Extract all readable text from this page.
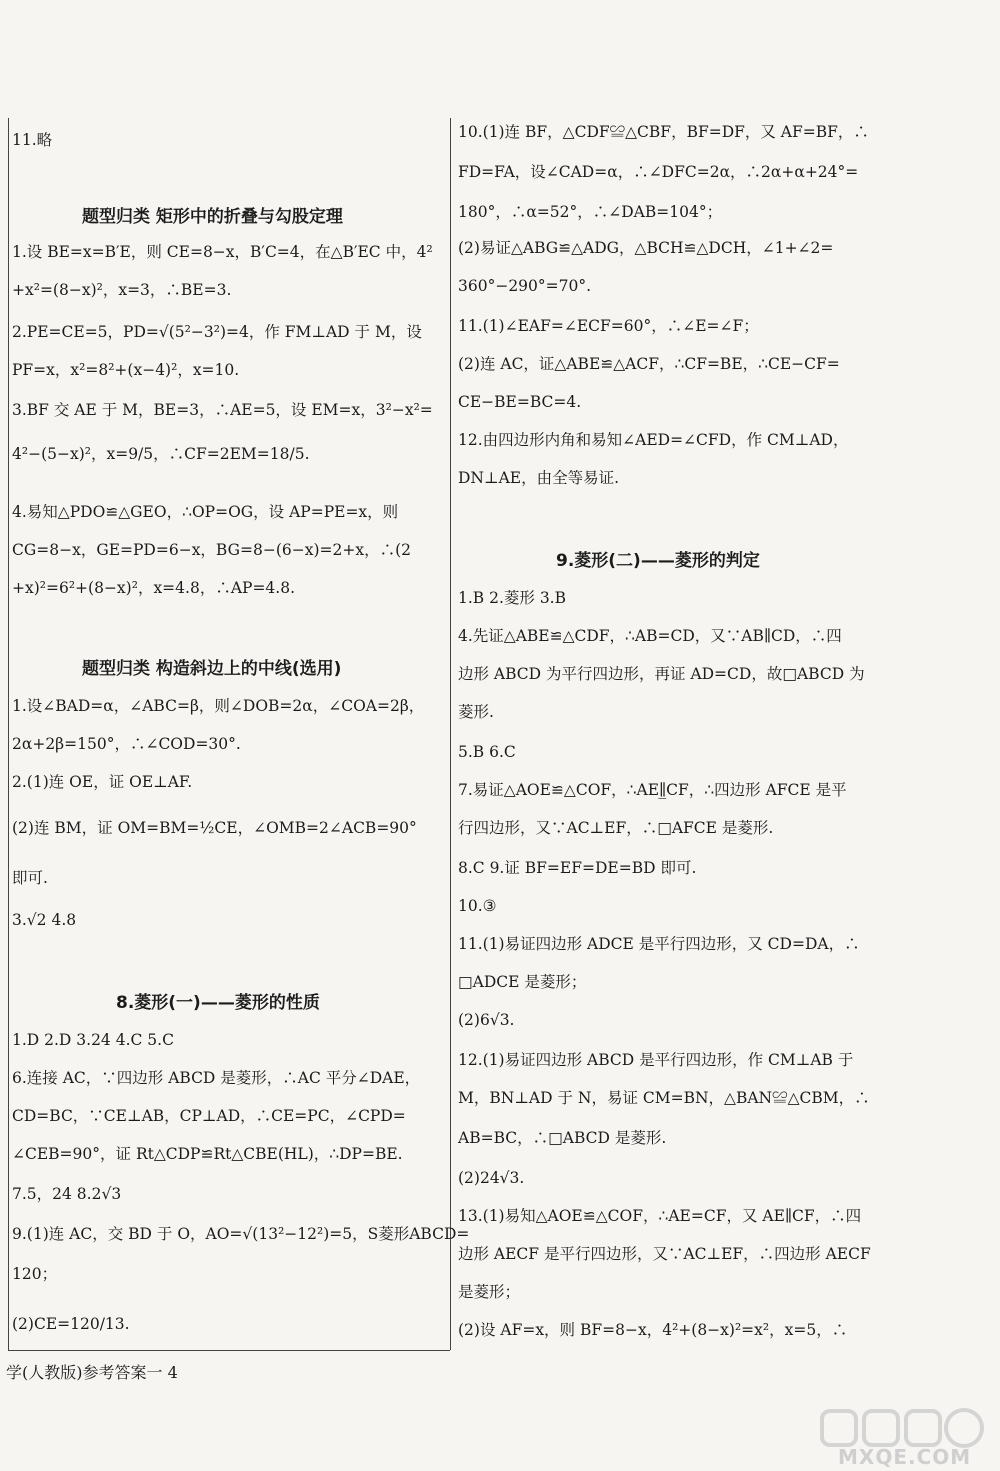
题型归类 矩形中的折叠与勾股定理
题型归类 构造斜边上的中线(选用)
8.菱形(一)——菱形的性质
11.略
1.设 BE=x=B′E，则 CE=8−x，B′C=4，在△B′EC 中，4²
+x²=(8−x)²，x=3，∴BE=3.
2.PE=CE=5，PD=√(5²−3²)=4，作 FM⊥AD 于 M，设
PF=x，x²=8²+(x−4)²，x=10.
3.BF 交 AE 于 M，BE=3，∴AE=5，设 EM=x，3²−x²=
4²−(5−x)²，x=9/5，∴CF=2EM=18/5.
4.易知△PDO≌△GEO，∴OP=OG，设 AP=PE=x，则
CG=8−x，GE=PD=6−x，BG=8−(6−x)=2+x，∴(2
+x)²=6²+(8−x)²，x=4.8，∴AP=4.8.
1.设∠BAD=α，∠ABC=β，则∠DOB=2α，∠COA=2β，
2α+2β=150°，∴∠COD=30°.
2.(1)连 OE，证 OE⊥AF.
(2)连 BM，证 OM=BM=½CE，∠OMB=2∠ACB=90°
即可.
3.√2 4.8
1.D 2.D 3.24 4.C 5.C
6.连接 AC，∵四边形 ABCD 是菱形，∴AC 平分∠DAE，
CD=BC，∵CE⊥AB，CP⊥AD，∴CE=PC，∠CPD=
∠CEB=90°，证 Rt△CDP≌Rt△CBE(HL)，∴DP=BE.
7.5，24 8.2√3
9.(1)连 AC，交 BD 于 O，AO=√(13²−12²)=5，S菱形ABCD=
120；
(2)CE=120/13.
9.菱形(二)——菱形的判定
10.(1)连 BF，△CDF≌△CBF，BF=DF，又 AF=BF，∴
FD=FA，设∠CAD=α，∴∠DFC=2α，∴2α+α+24°=
180°，∴α=52°，∴∠DAB=104°；
(2)易证△ABG≌△ADG，△BCH≌△DCH，∠1+∠2=
360°−290°=70°.
11.(1)∠EAF=∠ECF=60°，∴∠E=∠F；
(2)连 AC，证△ABE≌△ACF，∴CF=BE，∴CE−CF=
CE−BE=BC=4.
12.由四边形内角和易知∠AED=∠CFD，作 CM⊥AD，
DN⊥AE，由全等易证.
1.B 2.菱形 3.B
4.先证△ABE≌△CDF，∴AB=CD，又∵AB∥CD，∴四
边形 ABCD 为平行四边形，再证 AD=CD，故□ABCD 为
菱形.
5.B 6.C
7.易证△AOE≌△COF，∴AE∥̲CF，∴四边形 AFCE 是平
行四边形，又∵AC⊥EF，∴□AFCE 是菱形.
8.C 9.证 BF=EF=DE=BD 即可.
10.③
11.(1)易证四边形 ADCE 是平行四边形，又 CD=DA，∴
□ADCE 是菱形；
(2)6√3.
12.(1)易证四边形 ABCD 是平行四边形，作 CM⊥AB 于
M，BN⊥AD 于 N，易证 CM=BN，△BAN≌△CBM，∴
AB=BC，∴□ABCD 是菱形.
(2)24√3.
13.(1)易知△AOE≌△COF，∴AE=CF，又 AE∥CF，∴四
边形 AECF 是平行四边形，又∵AC⊥EF，∴四边形 AECF
是菱形；
(2)设 AF=x，则 BF=8−x，4²+(8−x)²=x²，x=5，∴
学(人教版)参考答案一 4
MXQE.COM
